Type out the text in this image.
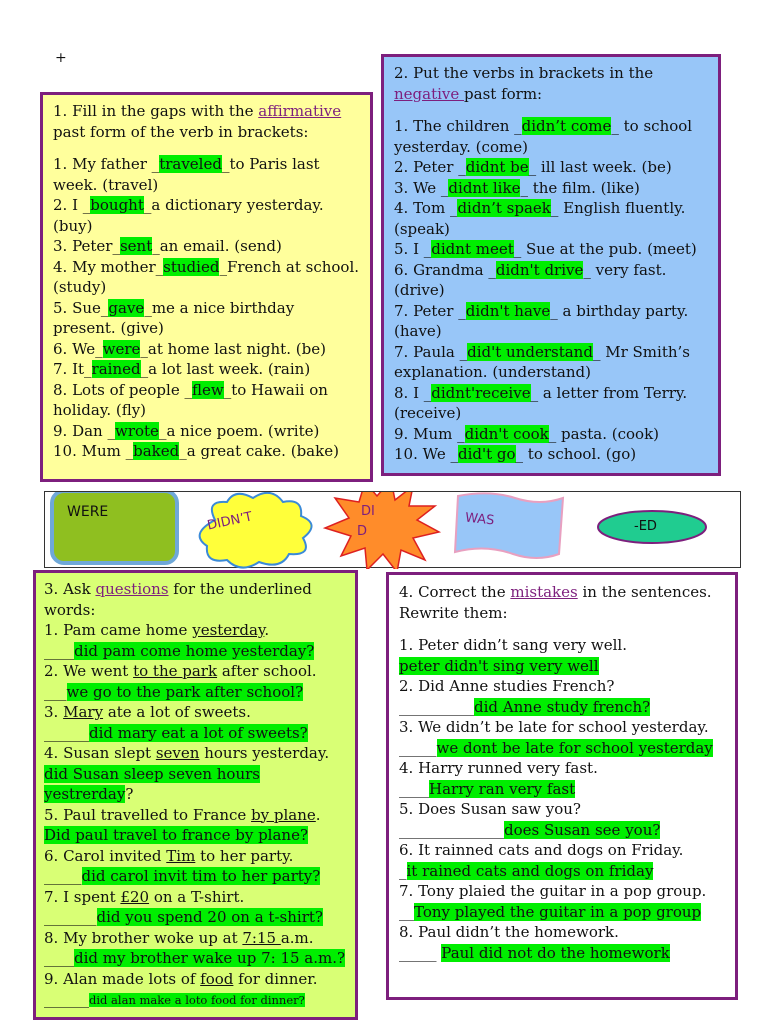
+

1. Fill in the gaps with the affirmative
past form of the verb in brackets:

1. My father _traveled_to Paris last week. (travel)

2. I _bought_a dictionary yesterday. (buy)

3. Peter_sent_an email. (send)

4. My mother_studied_French at school. (study)

5. Sue_gave_me a nice birthday present. (give)

6. We_were_at home last night. (be)

7. It_rained_a lot last week. (rain)

8. Lots of people _flew_to Hawaii on holiday. (fly)

9. Dan _wrote_a nice poem. (write)

10. Mum _baked_a great cake. (bake)

2. Put the verbs in brackets in the negative past form:

1. The children _didn’t come_ to school yesterday. (come)

2. Peter _didnt be_ ill last week. (be)

3. We _didnt like_ the film. (like)

4. Tom _didn’t spaek_ English fluently. (speak)

5. I _didnt meet_ Sue at the pub. (meet)

6. Grandma _didn't drive_ very fast. (drive)

7. Peter _didn't have_ a birthday party. (have)

7. Paula _did't understand_ Mr Smith’s explanation. (understand)

8. I _didnt'receive_ a letter from Terry. (receive)

9. Mum _didn't cook_ pasta. (cook)

10. We _did't go_ to school. (go)

WERE	DIDN’T	DI
D
WAS	-ED

3. Ask questions for the underlined words:

1. Pam came home yesterday.

____did pam come home yesterday?

2. We went to the park after school.

___we go to the park after school?

3. Mary ate a lot of sweets.

______did mary eat a lot of sweets?

4. Susan slept seven hours yesterday.

did Susan sleep seven hours
yestrerday?

5. Paul travelled to France by plane.

Did paul travel to france by plane?

6. Carol invited Tim to her party.

_____did carol invit tim to her party?

7. I spent £20 on a T-shirt.

_______did you spend 20 on a t-shirt?

8. My brother woke up at 7:15 a.m.

____did my brother wake up 7: 15 a.m.?

9. Alan made lots of food for dinner.

______did alan make a loto food for dinner?

4. Correct the mistakes in the sentences. Rewrite them:

1. Peter didn’t sang very well.

peter didn't sing very well

2. Did Anne studies French?

__________did Anne study french?

3. We didn’t be late for school yesterday.

_____we dont be late for school yesterday

4. Harry runned very fast.

____Harry ran very fast

5. Does Susan saw you?

______________does Susan see you?

6. It rainned cats and dogs on Friday.

_it rained cats and dogs on friday

7. Tony plaied the guitar in a pop group.

__Tony played the guitar in a pop group

8. Paul didn’t the homework.

_____ Paul did not do the homework
